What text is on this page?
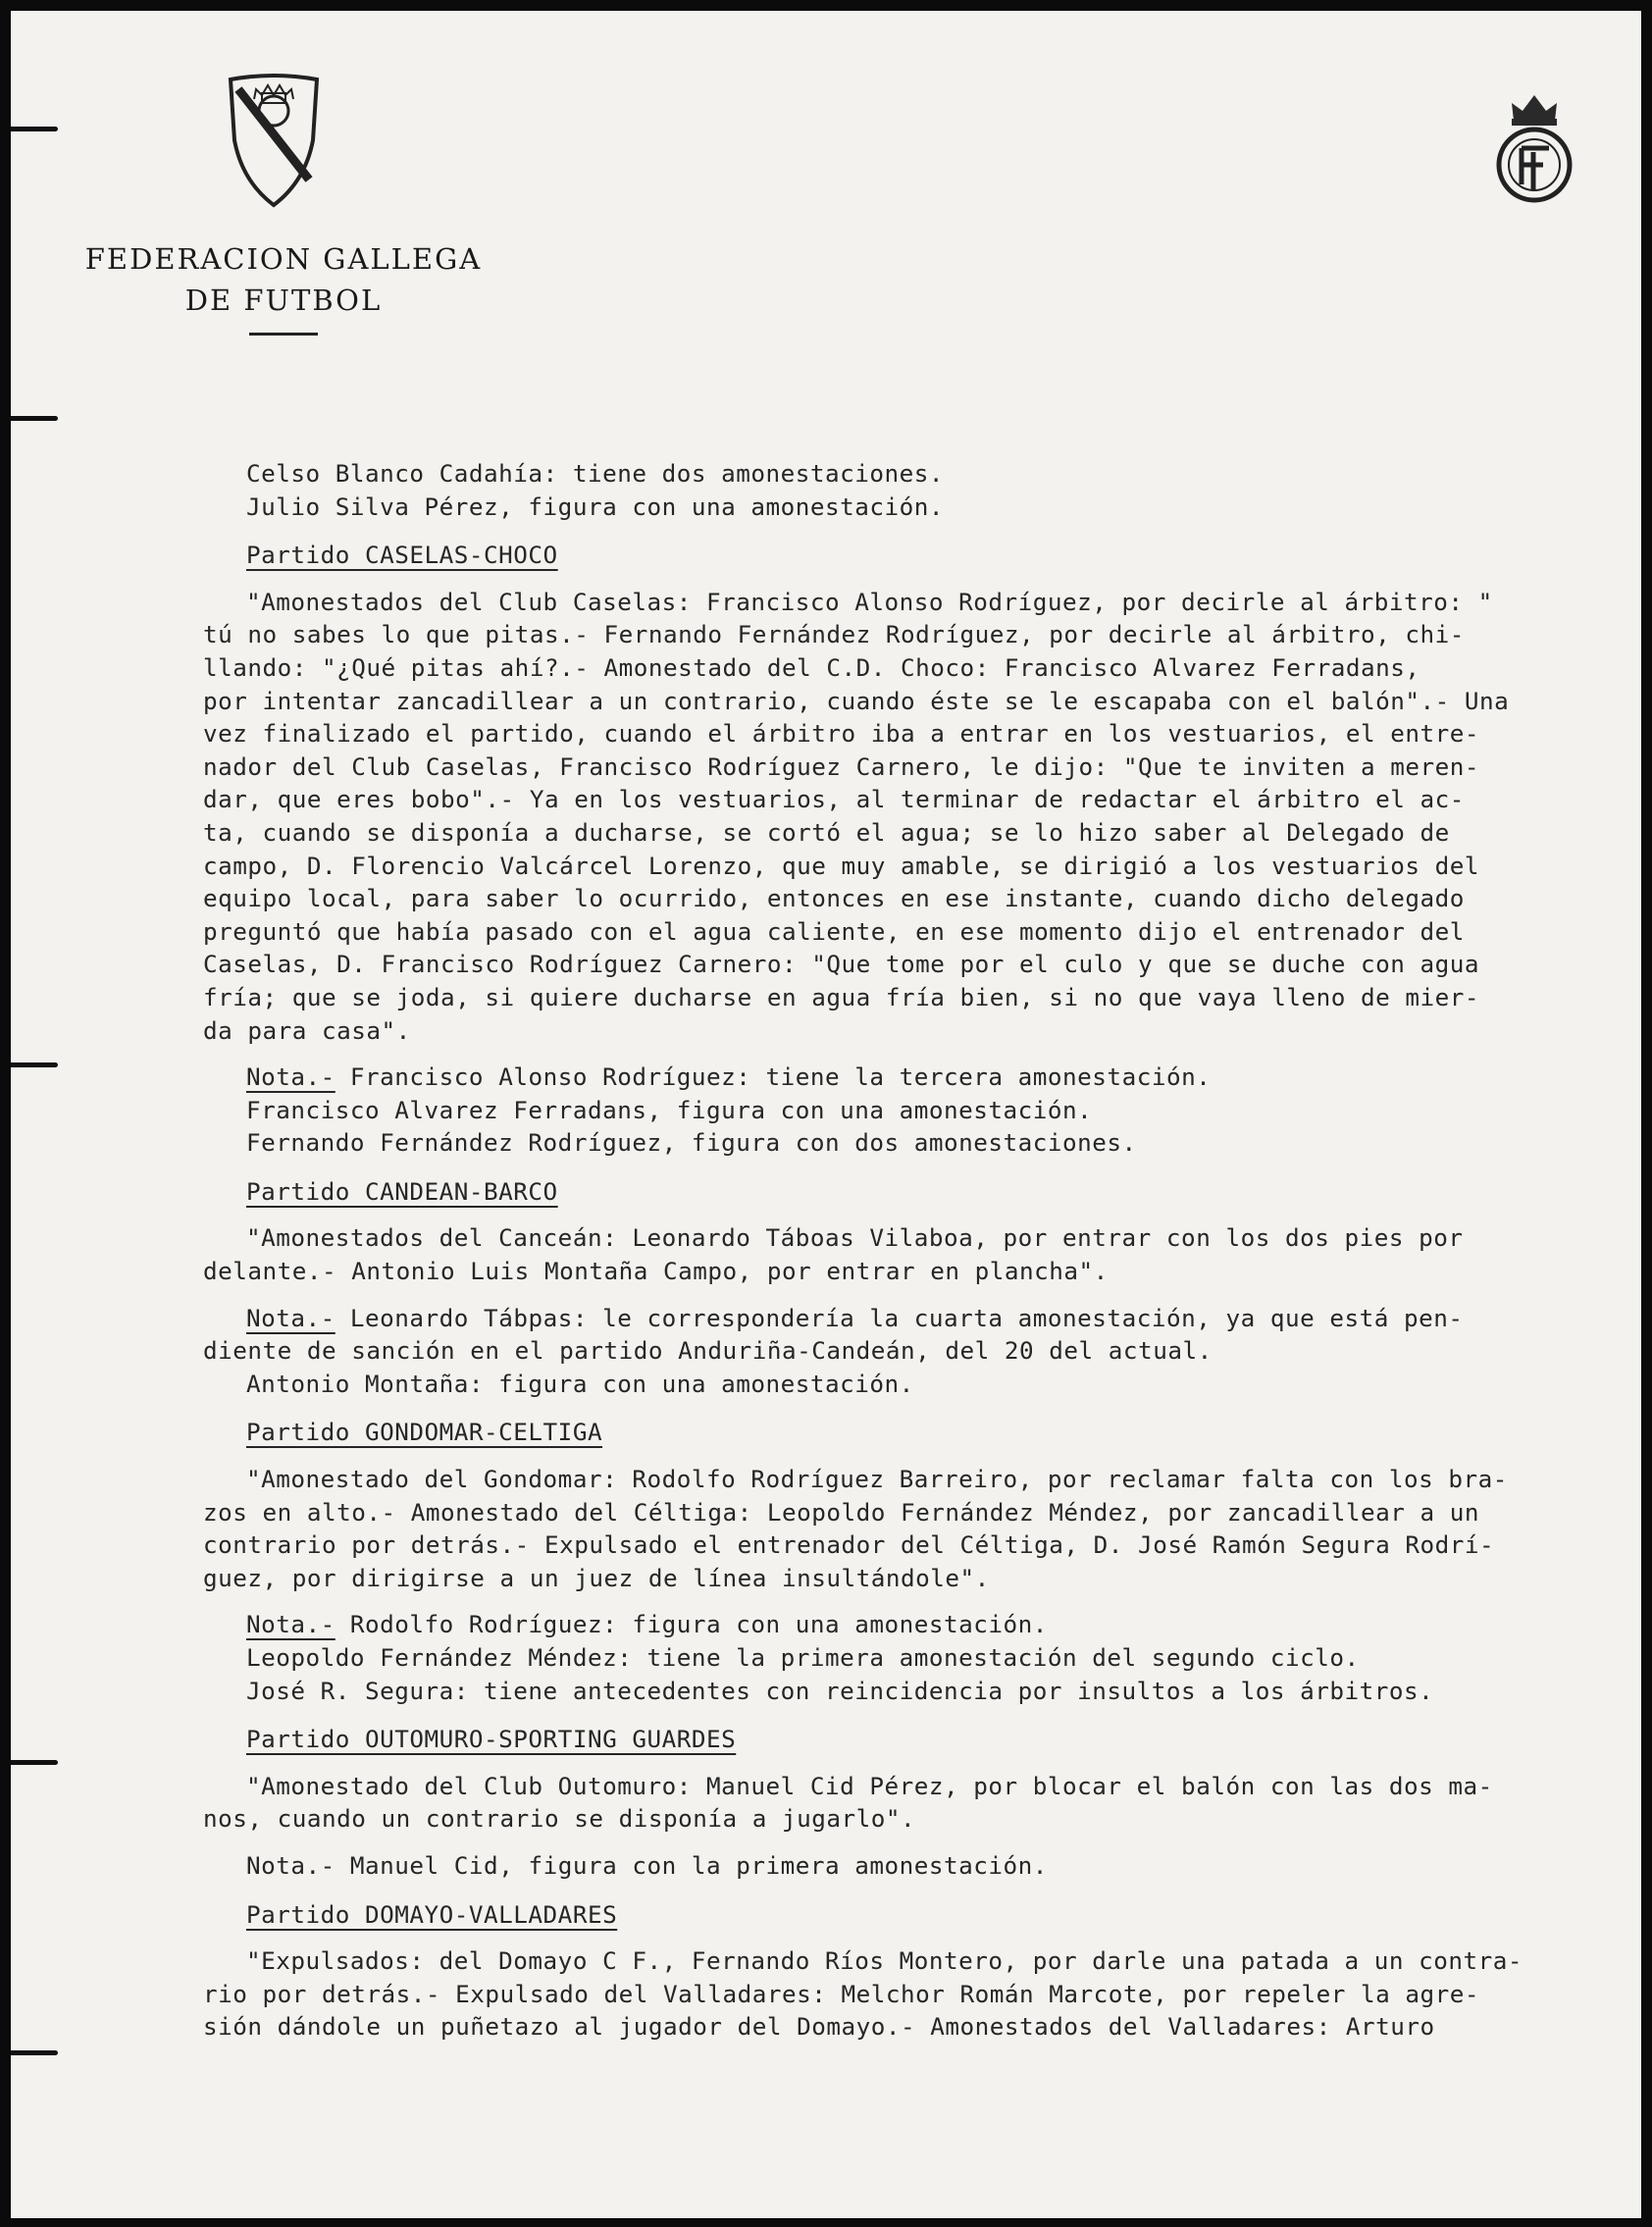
FEDERACION GALLEGA
DE FUTBOL

Celso Blanco Cadahía: tiene dos amonestaciones.

Julio Silva Pérez, figura con una amonestación.

Partido CASELAS-CHOCO

"Amonestados del Club Caselas: Francisco Alonso Rodríguez, por decirle al árbitro: "

tú no sabes lo que pitas.- Fernando Fernández Rodríguez, por decirle al árbitro, chi-

llando: "¿Qué pitas ahí?.- Amonestado del C.D. Choco: Francisco Alvarez Ferradans,

por intentar zancadillear a un contrario, cuando éste se le escapaba con el balón".- Una

vez finalizado el partido, cuando el árbitro iba a entrar en los vestuarios, el entre-

nador del Club Caselas, Francisco Rodríguez Carnero, le dijo: "Que te inviten a meren-

dar, que eres bobo".- Ya en los vestuarios, al terminar de redactar el árbitro el ac-

ta, cuando se disponía a ducharse, se cortó el agua; se lo hizo saber al Delegado de

campo, D. Florencio Valcárcel Lorenzo, que muy amable, se dirigió a los vestuarios del

equipo local, para saber lo ocurrido, entonces en ese instante, cuando dicho delegado

preguntó que había pasado con el agua caliente, en ese momento dijo el entrenador del

Caselas, D. Francisco Rodríguez Carnero: "Que tome por el culo y que se duche con agua

fría; que se joda, si quiere ducharse en agua fría bien, si no que vaya lleno de mier-

da para casa".

Nota.- Francisco Alonso Rodríguez: tiene la tercera amonestación.

Francisco Alvarez Ferradans, figura con una amonestación.

Fernando Fernández Rodríguez, figura con dos amonestaciones.

Partido CANDEAN-BARCO

"Amonestados del Canceán: Leonardo Táboas Vilaboa, por entrar con los dos pies por

delante.- Antonio Luis Montaña Campo, por entrar en plancha".

Nota.- Leonardo Tábpas: le correspondería la cuarta amonestación, ya que está pen-

diente de sanción en el partido Anduriña-Candeán, del 20 del actual.

Antonio Montaña: figura con una amonestación.

Partido GONDOMAR-CELTIGA

"Amonestado del Gondomar: Rodolfo Rodríguez Barreiro, por reclamar falta con los bra-

zos en alto.- Amonestado del Céltiga: Leopoldo Fernández Méndez, por zancadillear a un

contrario por detrás.- Expulsado el entrenador del Céltiga, D. José Ramón Segura Rodrí-

guez, por dirigirse a un juez de línea insultándole".

Nota.- Rodolfo Rodríguez: figura con una amonestación.

Leopoldo Fernández Méndez: tiene la primera amonestación del segundo ciclo.

José R. Segura: tiene antecedentes con reincidencia por insultos a los árbitros.

Partido OUTOMURO-SPORTING GUARDES

"Amonestado del Club Outomuro: Manuel Cid Pérez, por blocar el balón con las dos ma-

nos, cuando un contrario se disponía a jugarlo".

Nota.- Manuel Cid, figura con la primera amonestación.

Partido DOMAYO-VALLADARES

"Expulsados: del Domayo C F., Fernando Ríos Montero, por darle una patada a un contra-

rio por detrás.- Expulsado del Valladares: Melchor Román Marcote, por repeler la agre-

sión dándole un puñetazo al jugador del Domayo.- Amonestados del Valladares: Arturo
